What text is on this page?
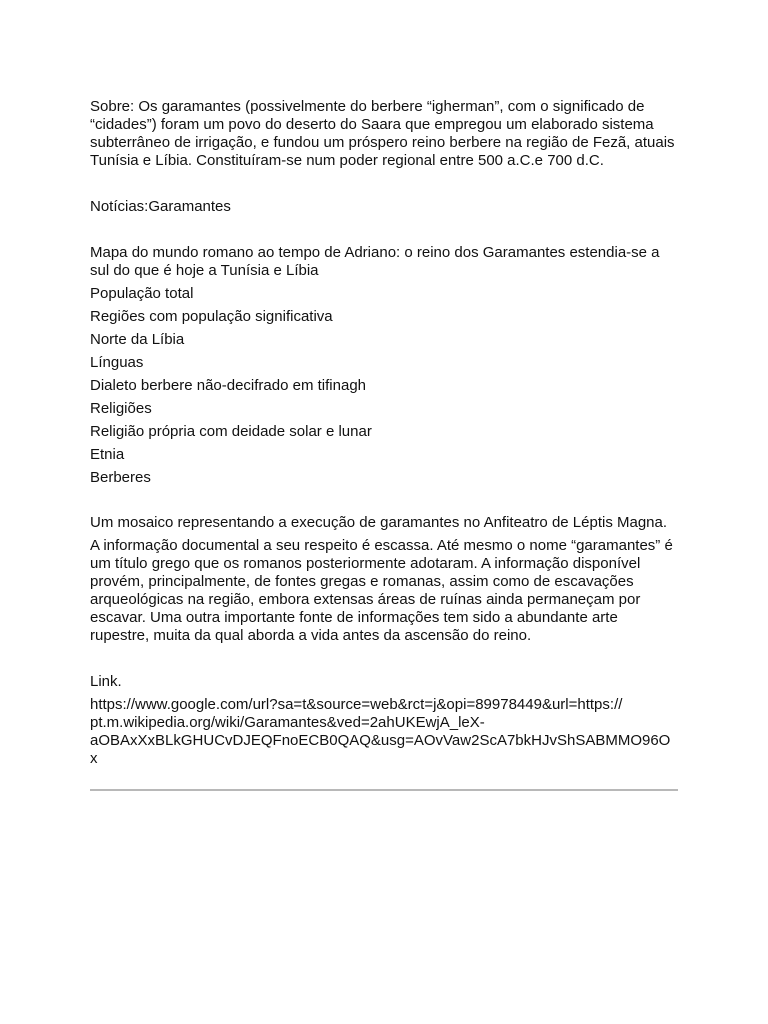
Sobre: Os garamantes (possivelmente do berbere “igherman”, com o significado de
“cidades”) foram um povo do deserto do Saara que empregou um elaborado sistema
subterrâneo de irrigação, e fundou um próspero reino berbere na região de Fezã, atuais
Tunísia e Líbia. Constituíram-se num poder regional entre 500 a.C.e 700 d.C.
Notícias:Garamantes
Mapa do mundo romano ao tempo de Adriano: o reino dos Garamantes estendia-se a
sul do que é hoje a Tunísia e Líbia
População total
Regiões com população significativa
Norte da Líbia
Línguas
Dialeto berbere não-decifrado em tifinagh
Religiões
Religião própria com deidade solar e lunar
Etnia
Berberes
Um mosaico representando a execução de garamantes no Anfiteatro de Léptis Magna.
A informação documental a seu respeito é escassa. Até mesmo o nome “garamantes” é
um título grego que os romanos posteriormente adotaram. A informação disponível
provém, principalmente, de fontes gregas e romanas, assim como de escavações
arqueológicas na região, embora extensas áreas de ruínas ainda permaneçam por
escavar. Uma outra importante fonte de informações tem sido a abundante arte
rupestre, muita da qual aborda a vida antes da ascensão do reino.
Link.
https://www.google.com/url?sa=t&source=web&rct=j&opi=89978449&url=https://
pt.m.wikipedia.org/wiki/Garamantes&ved=2ahUKEwjA_leX-
aOBAxXxBLkGHUCvDJEQFnoECB0QAQ&usg=AOvVaw2ScA7bkHJvShSABMMO96O
x
